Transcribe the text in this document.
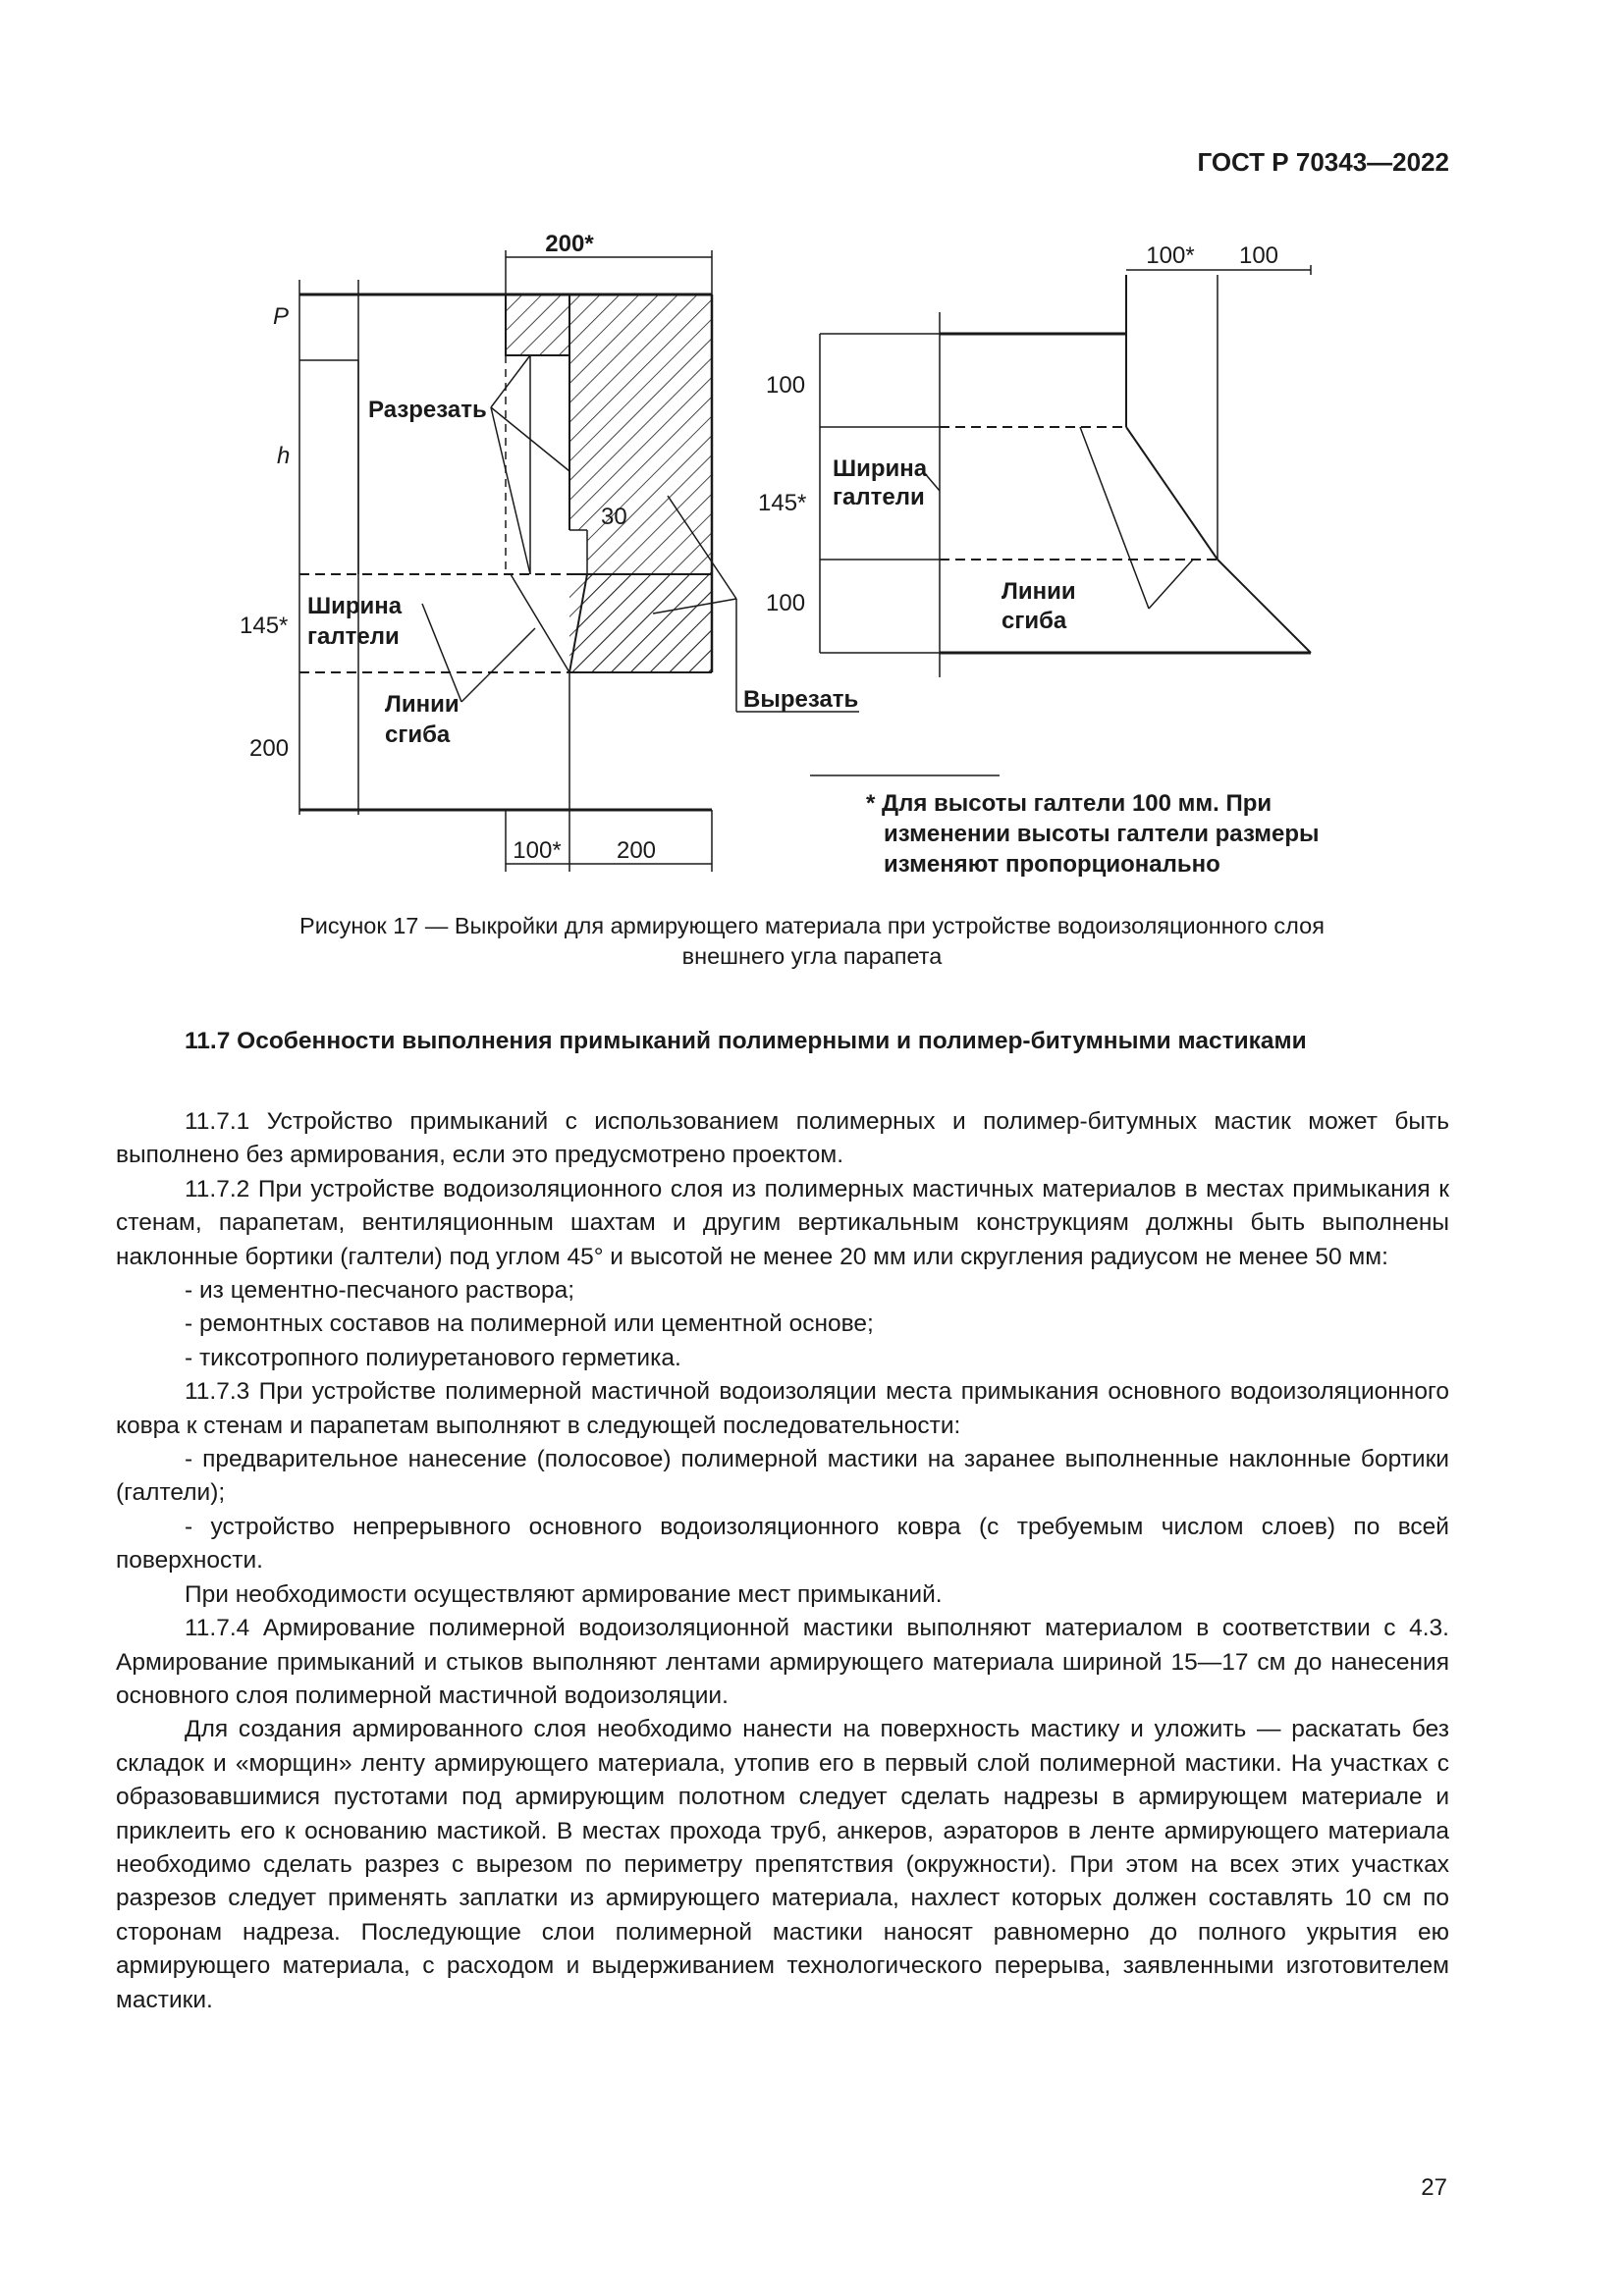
ГОСТ Р 70343—2022
200*
P
h
145*
200
100* 200
30
Разрезать
Ширина
галтели
Линии
сгиба
Вырезать
100* 100
100
145*
100
Ширина
галтели
Линии
сгиба
* Для высоты галтели 100 мм. При
изменении высоты галтели размеры
изменяют пропорционально
Рисунок 17 — Выкройки для армирующего материала при устройстве водоизоляционного слоя
внешнего угла парапета
11.7 Особенности выполнения примыканий полимерными и полимер-битумными мастиками

11.7.1 Устройство примыканий с использованием полимерных и полимер-битумных мастик может быть выполнено без армирования, если это предусмотрено проектом.

11.7.2 При устройстве водоизоляционного слоя из полимерных мастичных материалов в местах примыкания к стенам, парапетам, вентиляционным шахтам и другим вертикальным конструкциям должны быть выполнены наклонные бортики (галтели) под углом 45° и высотой не менее 20 мм или скругления радиусом не менее 50 мм:

- из цементно-песчаного раствора;

- ремонтных составов на полимерной или цементной основе;

- тиксотропного полиуретанового герметика.

11.7.3 При устройстве полимерной мастичной водоизоляции места примыкания основного водоизоляционного ковра к стенам и парапетам выполняют в следующей последовательности:

- предварительное нанесение (полосовое) полимерной мастики на заранее выполненные наклонные бортики (галтели);

- устройство непрерывного основного водоизоляционного ковра (с требуемым числом слоев) по всей поверхности.

При необходимости осуществляют армирование мест примыканий.

11.7.4 Армирование полимерной водоизоляционной мастики выполняют материалом в соответствии с 4.3. Армирование примыканий и стыков выполняют лентами армирующего материала шириной 15—17 см до нанесения основного слоя полимерной мастичной водоизоляции.

Для создания армированного слоя необходимо нанести на поверхность мастику и уложить — раскатать без складок и «морщин» ленту армирующего материала, утопив его в первый слой полимерной мастики. На участках с образовавшимися пустотами под армирующим полотном следует сделать надрезы в армирующем материале и приклеить его к основанию мастикой. В местах прохода труб, анкеров, аэраторов в ленте армирующего материала необходимо сделать разрез с вырезом по периметру препятствия (окружности). При этом на всех этих участках разрезов следует применять заплатки из армирующего материала, нахлест которых должен составлять 10 см по сторонам надреза. Последующие слои полимерной мастики наносят равномерно до полного укрытия ею армирующего материала, с расходом и выдерживанием технологического перерыва, заявленными изготовителем мастики.

27
